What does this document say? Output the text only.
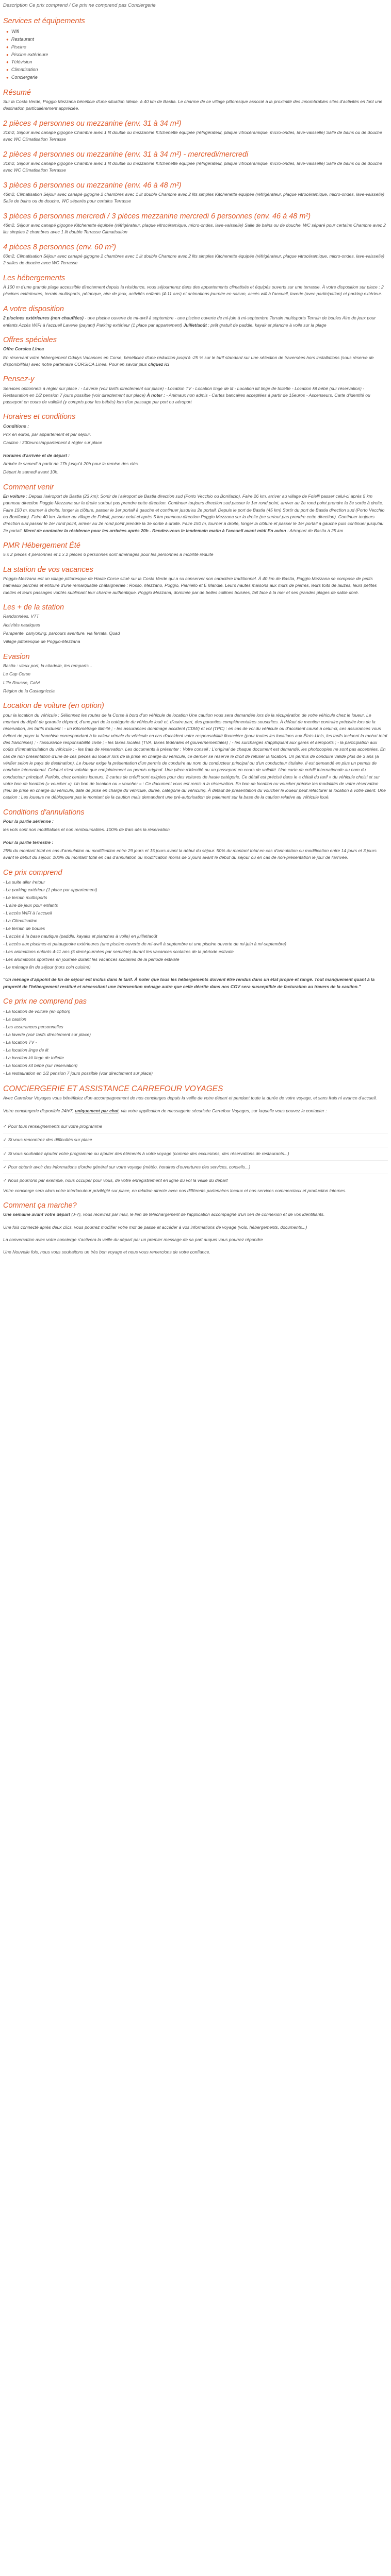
Description Ce prix comprend / Ce prix ne comprend pas Conciergerie
Services et équipements
● Wifi
● Restaurant
● Piscine
● Piscine extérieure
● Télévision
● Climatisation
● Conciergerie
Résumé

Sur la Costa Verde, Poggio Mezzana bénéficie d'une situation idéale, à 40 km de Bastia. Le charme de ce village pittoresque associé à la proximité des innombrables sites d'activités en font une destination particulièrement appréciée.

2 pièces 4 personnes ou mezzanine (env. 31 à 34 m²)

31m2, Séjour avec canapé gigogne Chambre avec 1 lit double ou mezzanine Kitchenette équipée (réfrigérateur, plaque vitrocéramique, micro-ondes, lave-vaisselle) Salle de bains ou de douche avec WC Climatisation Terrasse

2 pièces 4 personnes ou mezzanine (env. 31 à 34 m²) - mercredi/mercredi

31m2, Séjour avec canapé gigogne Chambre avec 1 lit double ou mezzanine Kitchenette équipée (réfrigérateur, plaque vitrocéramique, micro-ondes, lave-vaisselle) Salle de bains ou de douche avec WC Climatisation Terrasse

3 pièces 6 personnes ou mezzanine (env. 46 à 48 m²)

46m2, Climatisation Séjour avec canapé gigogne 2 chambres avec 1 lit double Chambre avec 2 lits simples Kitchenette équipée (réfrigérateur, plaque vitrocéramique, micro-ondes, lave-vaisselle) Salle de bains ou de douche, WC séparés pour certains Terrasse

3 pièces 6 personnes mercredi / 3 pièces mezzanine mercredi 6 personnes (env. 46 à 48 m²)

46m2, Séjour avec canapé gigogne Kitchenette équipée (réfrigérateur, plaque vitrocéramique, micro-ondes, lave-vaisselle) Salle de bains ou de douche, WC séparé pour certains Chambre avec 2 lits simples 2 chambres avec 1 lit double Terrasse Climatisation

4 pièces 8 personnes (env. 60 m²)

60m2, Climatisation Séjour avec canapé gigogne 2 chambres avec 1 lit double Chambre avec 2 lits simples Kitchenette équipée (réfrigérateur, plaque vitrocéramique, micro-ondes, lave-vaisselle) 2 salles de douche avec WC Terrasse

Les hébergements

À 100 m d'une grande plage accessible directement depuis la résidence, vous séjournerez dans des appartements climatisés et équipés ouverts sur une terrasse. À votre disposition sur place : 2 piscines extérieures, terrain multisports, pétanque, aire de jeux, activités enfants (4-11 ans) et animations journée en saison, accès wifi à l'accueil, laverie (avec participation) et parking extérieur.

A votre disposition

2 piscines extérieures (non chauffées) - une piscine ouverte de mi-avril à septembre - une piscine ouverte de mi-juin à mi-septembre Terrain multisports Terrain de boules Aire de jeux pour enfants Accès WIFI à l'accueil Laverie (payant) Parking extérieur (1 place par appartement) Juillet/août : prêt gratuit de paddle, kayak et planche à voile sur la plage

Offres spéciales

Offre Corsica Linea

En réservant votre hébergement Odalys Vacances en Corse, bénéficiez d'une réduction jusqu'à -25 % sur le tarif standard sur une sélection de traversées hors installations (sous réserve de disponibilités) avec notre partenaire CORSICA Linea. Pour en savoir plus cliquez ici

Pensez-y

Services optionnels à régler sur place : - Laverie (voir tarifs directement sur place) - Location TV - Location linge de lit - Location kit linge de toilette - Location kit bébé (sur réservation) - Restauration en 1/2 pension 7 jours possible (voir directement sur place) À noter : - Animaux non admis - Cartes bancaires acceptées à partir de 15euros - Ascenseurs, Carte d'identité ou passeport en cours de validité (y compris pour les bébés) lors d'un passage par port ou aéroport

Horaires et conditions

Conditions :

Prix en euros, par appartement et par séjour.

Caution : 300euros/appartement à régler sur place

Horaires d'arrivée et de départ :

Arrivée le samedi à partir de 17h jusqu'à 20h pour la remise des clés.

Départ le samedi avant 10h.

Comment venir

En voiture : Depuis l'aéroport de Bastia (23 km): Sortir de l'aéroport de Bastia direction sud (Porto Vecchio ou Bonifacio). Faire 26 km, arriver au village de Folelli passer celui-ci après 5 km panneau direction Poggio Mezzana sur la droite surtout pas prendre cette direction. Continuer toujours direction sud passer le 1er rond point, arriver au 2e rond point prendre la 3e sortie à droite. Faire 150 m, tourner à droite, longer la clôture, passer le 1er portail à gauche et continuer jusqu'au 2e portail. Depuis le port de Bastia (45 km) Sortir du port de Bastia direction sud (Porto Vecchio ou Bonifacio). Faire 40 km. Arriver au village de Folelli, passer celui-ci après 5 km panneau direction Poggio Mezzana sur la droite (ne surtout pas prendre cette direction). Continuer toujours direction sud passer le 1er rond point, arriver au 2e rond point prendre la 3e sortie à droite. Faire 150 m, tourner à droite, longer la clôture et passer le 1er portail à gauche puis continuer jusqu'au 2e portail. Merci de contacter la résidence pour les arrivées après 20h . Rendez-vous le lendemain matin à l'accueil avant midi En avion : Aéroport de Bastia à 25 km

PMR Hébergement Été

5 x 2 pièces 4 personnes et 1 x 2 pièces 6 personnes sont aménagés pour les personnes à mobilité réduite

La station de vos vacances

Poggio-Mezzana est un village pittoresque de Haute Corse situé sur la Costa Verde qui a su conserver son caractère traditionnel. À 40 km de Bastia, Poggio Mezzana se compose de petits hameaux perchés et entouré d'une remarquable châtaigneraie : Rosso, Mezzano, Poggio, Pianiello et E Mandle. Leurs hautes maisons aux murs de pierres, leurs toits de lauzes, leurs petites ruelles et leurs passages voûtés sublimant leur charme authentique. Poggio Mezzana, dominée par de belles collines boisées, fait face à la mer et ses grandes plages de sable doré.

Les + de la station

Randonnées, VTT

Activités nautiques

Parapente, canyoning, parcours aventure, via ferrata, Quad

Village pittoresque de Poggio-Mezzana

Evasion

Bastia : vieux port, la citadelle, les remparts...

Le Cap Corse

L'Ile Rousse, Calvi

Région de la Castagniccia

Location de voiture (en option)

pour la location du véhicule : Sélionnez les routes de la Corse à bord d'un véhicule de location Une caution vous sera demandée lors de la récupération de votre véhicule chez le loueur. Le montant du dépôt de garantie dépend, d'une part de la catégorie du véhicule loué et, d'autre part, des garanties complémentaires souscrites. À défaut de mention contraire précisée lors de la réservation, les tarifs incluent : - un Kilométrage illimité ; - les assurances dommage accident (CDW) et vol (TPC) : en cas de vol du véhicule ou d'accident causé à celui-ci, ces assurances vous évitent de payer la franchise correspondant à la valeur vénale du véhicule en cas d'accident votre responsabilité financière (pour toutes les locations aux États-Unis, les tarifs incluent la rachat total des franchises) ; - l'assurance responsabilité civile ; - les taxes locales (TVA, taxes fédérales et gouvernementales) ; - les surcharges s'appliquant aux gares et aéroports ; - la participation aux coûts d'immatriculation du véhicule ; - les frais de réservation. Les documents à présenter : Votre conseil : L'original de chaque document est demandé, les photocopies ne sont pas acceptées. En cas de non présentation d'une de ces pièces au loueur lors de la prise en charge du véhicule, ce dernier se réserve le droit de refuser la location. Un permis de conduire valide plus de 3 ans (à vérifier selon le pays de destination). Le loueur exige la présentation d'un permis de conduire au nom du conducteur principal ou d'un conducteur titulaire. Il est demandé en plus un permis de conduire international. Celui-ci n'est valable que conjointement au permis original. Une pièce d'identité ou un passeport en cours de validité. Une carte de crédit internationale au nom du conducteur principal. Parfois, chez certains loueurs, 2 cartes de crédit sont exigées pour des voitures de haute catégorie. Ce détail est précisé dans le « détail du tarif » du véhicule choisi et sur votre bon de location (« voucher »). Un bon de location ou « voucher » : Ce document vous est remis à la réservation. En bon de location ou voucher précise les modalités de votre réservation (lieu de prise en charge du véhicule, date de prise en charge du véhicule, durée, catégorie du véhicule). À défaut de présentation du voucher le loueur peut refacturer la location à votre client. Une caution : Les loueurs ne débloquent pas le montant de la caution mais demandent une pré-autorisation de paiement sur la base de la caution relative au véhicule loué.

Conditions d'annulations

Pour la partie aérienne :

les vols sont non modifiables et non remboursables. 100% de frais dès la réservation

Pour la partie terrestre :

25% du montant total en cas d'annulation ou modification entre 29 jours et 15 jours avant la début du séjour. 50% du montant total en cas d'annulation ou modification entre 14 jours et 3 jours avant le début du séjour. 100% du montant total en cas d'annulation ou modification moins de 3 jours avant le début du séjour ou en cas de non-présentation le jour de l'arrivée.

Ce prix comprend
- La suite aller /retour
- Le parking extérieur (1 place par appartement)
- Le terrain multisports
- L'aire de jeux pour enfants
- L'accès WIFI à l'accueil
- La Climatisation
- Le terrain de boules
- L'accès à la base nautique (paddle, kayaks et planches à voile) en juillet/août
- L'accès aux piscines et pataugeoire extérieures (une piscine ouverte de mi-avril à septembre et une piscine ouverte de mi-juin à mi-septembre)
- Les animations enfants 4-11 ans (5 demi-journées par semaine) durant les vacances scolaires de la période estivale
- Les animations sportives en journée durant les vacances scolaires de la période estivale
- Le ménage fin de séjour (hors coin cuisine)

"Un ménage d'appoint de fin de séjour est inclus dans le tarif. À noter que tous les hébergements doivent être rendus dans un état propre et rangé. Tout manquement quant à la propreté de l'hébergement restitué et nécessitant une intervention ménage autre que celle décrite dans nos CGV sera susceptible de facturation au travers de la caution."

Ce prix ne comprend pas
- La location de voiture (en option)
- La caution
- Les assurances personnelles
- La laverie (voir tarifs directement sur place)
- La location TV -
- La location linge de lit
- La location kit linge de toilette
- La location kit bébé (sur réservation)
- La restauration en 1/2 pension 7 jours possible (voir directement sur place)
CONCIERGERIE ET ASSISTANCE CARREFOUR VOYAGES

Avec Carrefour Voyages vous bénéficiez d'un accompagnement de nos concierges depuis la veille de votre départ et pendant toute la durée de votre voyage, et sans frais ni avance d'accueil.

Votre conciergerie disponible 24h/7, uniquement par chat, via votre application de messagerie sécurisée Carrefour Voyages, sur laquelle vous pouvez le contacter :

✓ Pour tous renseignements sur votre programme

✓ Si vous rencontrez des difficultés sur place

✓ Si vous souhaitez ajouter votre programme ou ajouter des éléments à votre voyage (comme des excursions, des réservations de restaurants...)

✓ Pour obtenir avoir des informations d'ordre général sur votre voyage (météo, horaires d'ouvertures des services, conseils...)

✓ Nous pourrons par exemple, nous occuper pour vous, de votre enregistrement en ligne du vol la veille du départ

Votre concierge sera alors votre interlocuteur privilégié sur place, en relation directe avec nos différents partenaires locaux et nos services commerciaux et production internes.

Comment ça marche?

Une semaine avant votre départ (J-7), vous recevrez par mail, le lien de téléchargement de l'application accompagné d'un lien de connexion et de vos identifiants.

Une fois connecté après deux clics, vous pourrez modifier votre mot de passe et accéder à vos informations de voyage (vols, hébergements, documents...)

La conversation avec votre concierge s'activera la veille du départ par un premier message de sa part auquel vous pourrez répondre

Une Nouvelle fois, nous vous souhaitons un très bon voyage et nous vous remercions de votre confiance.
